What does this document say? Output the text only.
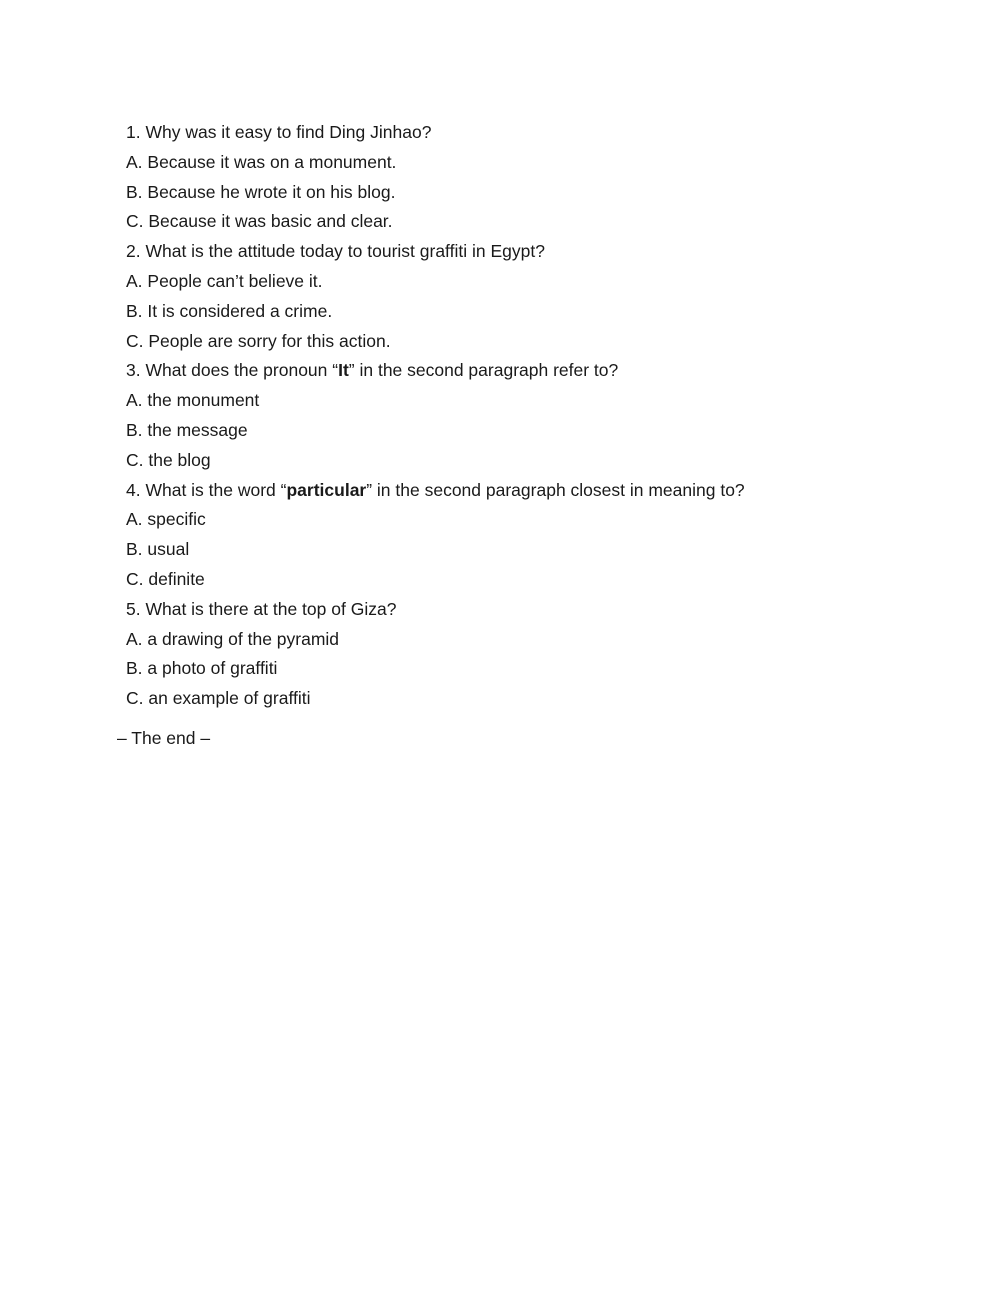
1. Why was it easy to find Ding Jinhao?
A. Because it was on a monument.
B. Because he wrote it on his blog.
C. Because it was basic and clear.
2. What is the attitude today to tourist graffiti in Egypt?
A. People can’t believe it.
B. It is considered a crime.
C. People are sorry for this action.
3. What does the pronoun “It” in the second paragraph refer to?
A. the monument
B. the message
C. the blog
4. What is the word “particular” in the second paragraph closest in meaning to?
A. specific
B. usual
C. definite
5. What is there at the top of Giza?
A. a drawing of the pyramid
B. a photo of graffiti
C. an example of graffiti
– The end –
